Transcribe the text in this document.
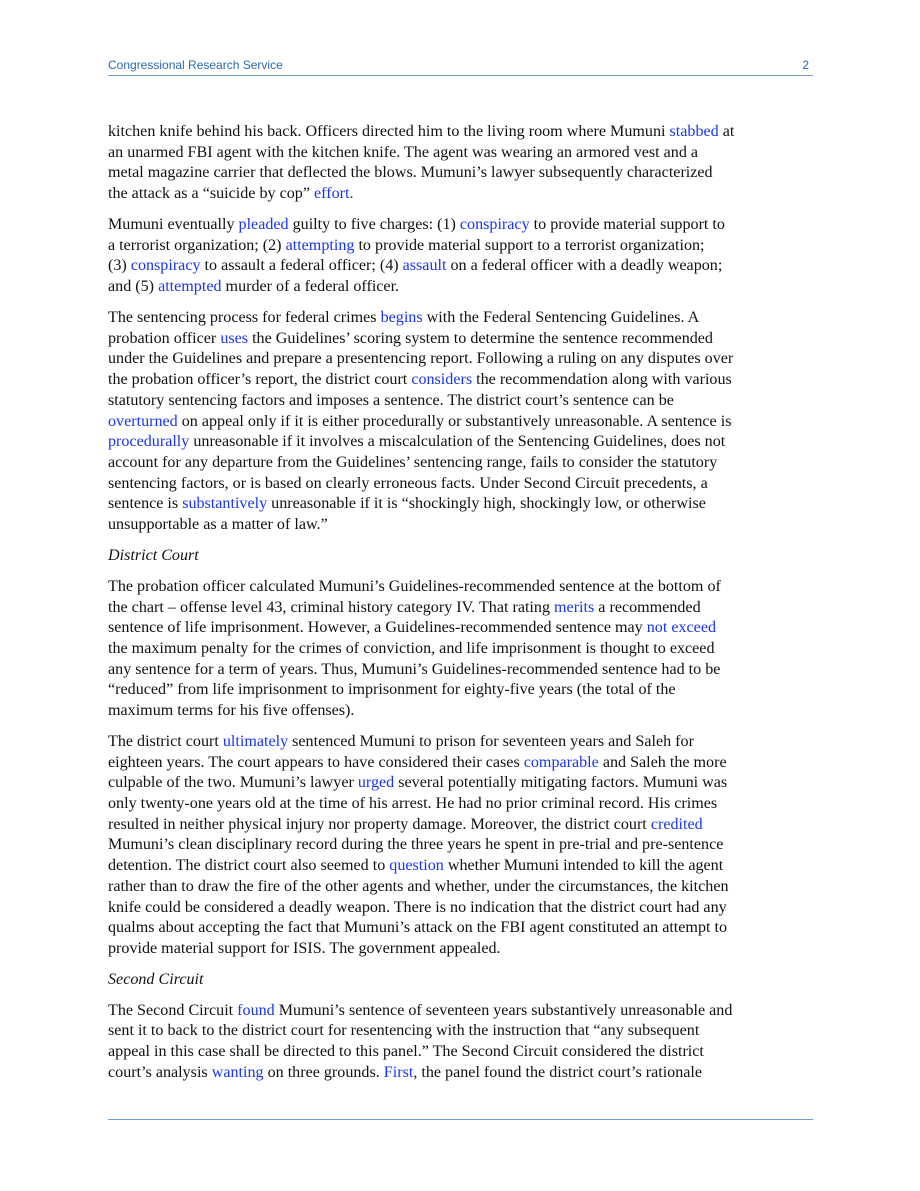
Congressional Research Service	2

kitchen knife behind his back. Officers directed him to the living room where Mumuni stabbed at
an unarmed FBI agent with the kitchen knife. The agent was wearing an armored vest and a
metal magazine carrier that deflected the blows. Mumuni’s lawyer subsequently characterized
the attack as a “suicide by cop” effort.

Mumuni eventually pleaded guilty to five charges: (1) conspiracy to provide material support to
a terrorist organization; (2) attempting to provide material support to a terrorist organization;
(3) conspiracy to assault a federal officer; (4) assault on a federal officer with a deadly weapon;
and (5) attempted murder of a federal officer.

The sentencing process for federal crimes begins with the Federal Sentencing Guidelines. A
probation officer uses the Guidelines’ scoring system to determine the sentence recommended
under the Guidelines and prepare a presentencing report. Following a ruling on any disputes over
the probation officer’s report, the district court considers the recommendation along with various
statutory sentencing factors and imposes a sentence. The district court’s sentence can be
overturned on appeal only if it is either procedurally or substantively unreasonable. A sentence is
procedurally unreasonable if it involves a miscalculation of the Sentencing Guidelines, does not
account for any departure from the Guidelines’ sentencing range, fails to consider the statutory
sentencing factors, or is based on clearly erroneous facts. Under Second Circuit precedents, a
sentence is substantively unreasonable if it is “shockingly high, shockingly low, or otherwise
unsupportable as a matter of law.”

District Court

The probation officer calculated Mumuni’s Guidelines-recommended sentence at the bottom of
the chart – offense level 43, criminal history category IV. That rating merits a recommended
sentence of life imprisonment. However, a Guidelines-recommended sentence may not exceed
the maximum penalty for the crimes of conviction, and life imprisonment is thought to exceed
any sentence for a term of years. Thus, Mumuni’s Guidelines-recommended sentence had to be
“reduced” from life imprisonment to imprisonment for eighty-five years (the total of the
maximum terms for his five offenses).

The district court ultimately sentenced Mumuni to prison for seventeen years and Saleh for
eighteen years. The court appears to have considered their cases comparable and Saleh the more
culpable of the two. Mumuni’s lawyer urged several potentially mitigating factors. Mumuni was
only twenty-one years old at the time of his arrest. He had no prior criminal record. His crimes
resulted in neither physical injury nor property damage. Moreover, the district court credited
Mumuni’s clean disciplinary record during the three years he spent in pre-trial and pre-sentence
detention. The district court also seemed to question whether Mumuni intended to kill the agent
rather than to draw the fire of the other agents and whether, under the circumstances, the kitchen
knife could be considered a deadly weapon. There is no indication that the district court had any
qualms about accepting the fact that Mumuni’s attack on the FBI agent constituted an attempt to
provide material support for ISIS. The government appealed.

Second Circuit

The Second Circuit found Mumuni’s sentence of seventeen years substantively unreasonable and
sent it to back to the district court for resentencing with the instruction that “any subsequent
appeal in this case shall be directed to this panel.” The Second Circuit considered the district
court’s analysis wanting on three grounds. First, the panel found the district court’s rationale
